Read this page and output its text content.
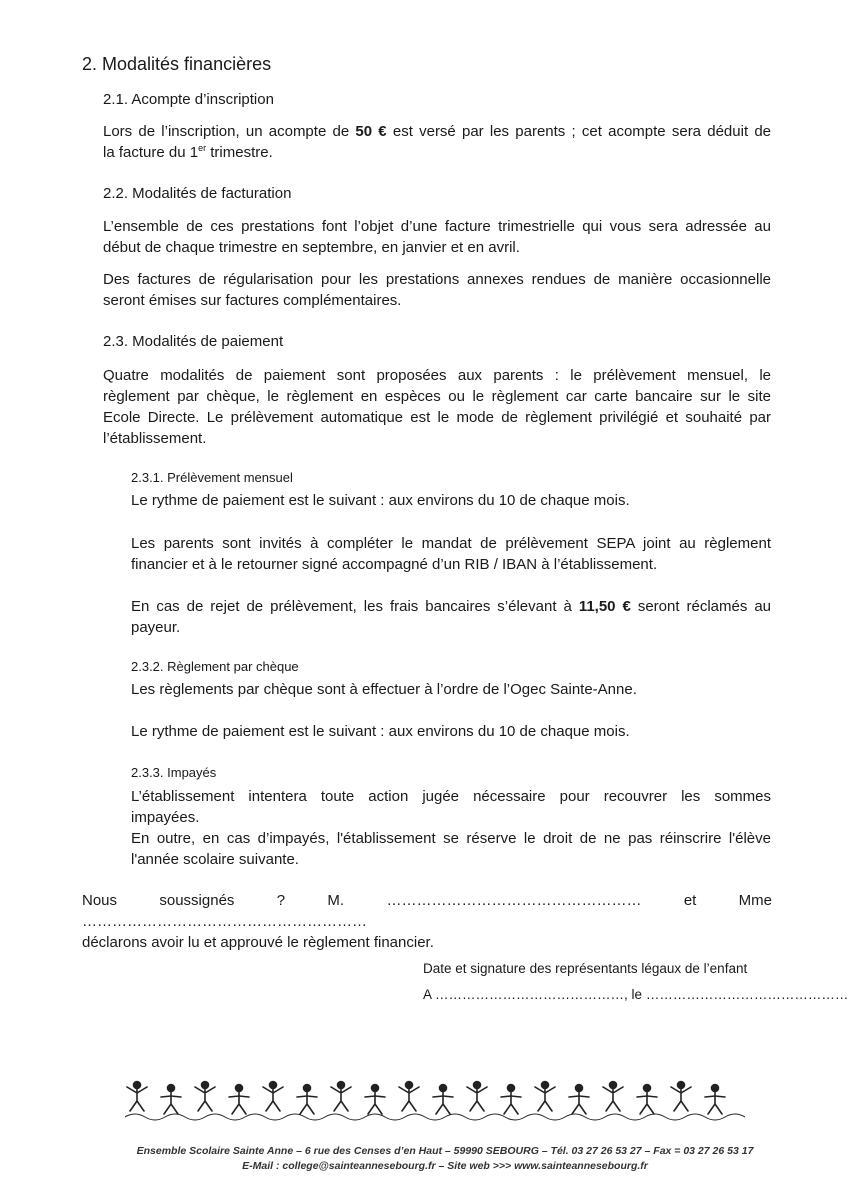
2. Modalités financières
2.1. Acompte d’inscription
Lors de l’inscription, un acompte de 50 € est versé par les parents ; cet acompte sera déduit de
la facture du 1er trimestre.
2.2. Modalités de facturation
L’ensemble de ces prestations font l’objet d’une facture trimestrielle qui vous sera adressée au
début de chaque trimestre en septembre, en janvier et en avril.
Des factures de régularisation pour les prestations annexes rendues de manière occasionnelle
seront émises sur factures complémentaires.
2.3. Modalités de paiement
Quatre modalités de paiement sont proposées aux parents : le prélèvement mensuel, le
règlement par chèque, le règlement en espèces ou le règlement car carte bancaire sur le site
Ecole Directe. Le prélèvement automatique est le mode de règlement privilégié et souhaité par
l’établissement.
2.3.1. Prélèvement mensuel
Le rythme de paiement est le suivant : aux environs du 10 de chaque mois.
Les parents sont invités à compléter le mandat de prélèvement SEPA joint au règlement
financier et à le retourner signé accompagné d’un RIB / IBAN à l’établissement.
En cas de rejet de prélèvement, les frais bancaires s’élevant à 11,50 € seront réclamés au
payeur.
2.3.2. Règlement par chèque
Les règlements par chèque sont à effectuer à l’ordre de l’Ogec Sainte-Anne.
Le rythme de paiement est le suivant : aux environs du 10 de chaque mois.
2.3.3. Impayés
L’établissement intentera toute action jugée nécessaire pour recouvrer les sommes
impayées.
En outre, en cas d’impayés, l'établissement se réserve le droit de ne pas réinscrire l'élève
l'année scolaire suivante.
Nous soussignés ? M.	……………………………………………	et Mme …………………………………………………
déclarons avoir lu et approuvé le règlement financier.
Date et signature des représentants légaux de l’enfant
A ……………………………………, le ………………………………………
Ensemble Scolaire Sainte Anne – 6 rue des Censes d’en Haut – 59990 SEBOURG – Tél. 03 27 26 53 27 – Fax = 03 27 26 53 17
E-Mail : college@sainteannesebourg.fr – Site web >>> www.sainteannesebourg.fr
